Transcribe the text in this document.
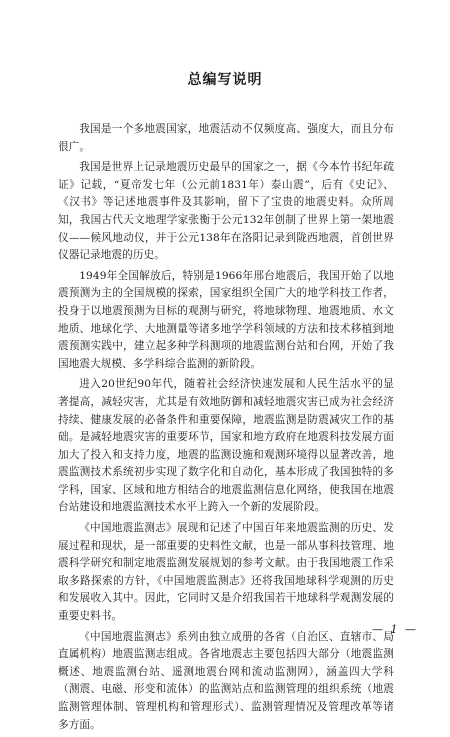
总编写说明

我国是一个多地震国家，地震活动不仅频度高、强度大，而且分布很广。

我国是世界上记录地震历史最早的国家之一，据《今本竹书纪年疏证》记载，“夏帝发七年（公元前1831年）泰山震”，后有《史记》、《汉书》等记述地震事件及其影响，留下了宝贵的地震史料。众所周知，我国古代天文地理学家张衡于公元132年创制了世界上第一架地震仪——候风地动仪，并于公元138年在洛阳记录到陇西地震，首创世界仪器记录地震的历史。

1949年全国解放后，特别是1966年邢台地震后，我国开始了以地震预测为主的全国规模的探索，国家组织全国广大的地学科技工作者，投身于以地震预测为目标的观测与研究，将地球物理、地震地质、水文地质、地球化学、大地测量等诸多地学学科领域的方法和技术移植到地震预测实践中，建立起多种学科测项的地震监测台站和台网，开始了我国地震大规模、多学科综合监测的新阶段。

进入20世纪90年代，随着社会经济快速发展和人民生活水平的显著提高，减轻灾害，尤其是有效地防御和减轻地震灾害已成为社会经济持续、健康发展的必备条件和重要保障，地震监测是防震减灾工作的基础。是减轻地震灾害的重要环节，国家和地方政府在地震科技发展方面加大了投入和支持力度，地震的监测设施和观测环境得以显著改善，地震监测技术系统初步实现了数字化和自动化，基本形成了我国独特的多学科，国家、区域和地方相结合的地震监测信息化网络，使我国在地震台站建设和地震监测技术水平上跨入一个新的发展阶段。

《中国地震监测志》展现和记述了中国百年来地震监测的历史、发展过程和现状，是一部重要的史料性文献，也是一部从事科技管理、地震科学研究和制定地震监测发展规划的参考文献。由于我国地震工作采取多路探索的方针，《中国地震监测志》还将我国地球科学观测的历史和发展收入其中。因此，它同时又是介绍我国若干地球科学观测发展的重要史料书。

《中国地震监测志》系列由独立成册的各省（自治区、直辖市、局直属机构）地震监测志组成。各省地震志主要包括四大部分（地震监测概述、地震监测台站、遥测地震台网和流动监测网），涵盖四大学科（测震、电磁、形变和流体）的监测站点和监测管理的组织系统（地震监测管理体制、管理机构和管理形式）、监测管理情况及管理改革等诸多方面。

— 1 —
